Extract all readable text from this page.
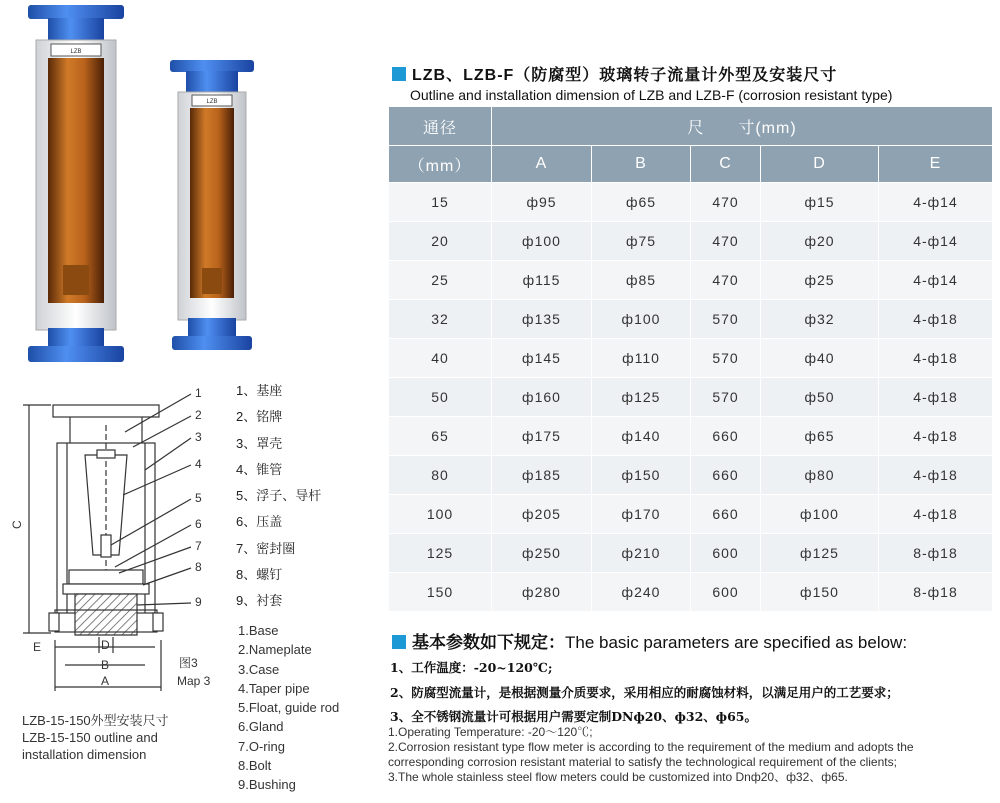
LZB
LZB
1
2
3
4
5
6
7
8
9
C
E	D
B
A
图3
Map 3
LZB-15-150外型安装尺寸
LZB-15-150 outline and
installation dimension
1、基座
2、铭牌
3、罩壳
4、锥管
5、浮子、导杆
6、压盖
7、密封圈
8、螺钉
9、衬套
1.Base
2.Nameplate
3.Case
4.Taper pipe
5.Float, guide rod
6.Gland
7.O-ring
8.Bolt
9.Bushing
LZB、LZB-F（防腐型）玻璃转子流量计外型及安装尺寸
Outline and installation dimension of LZB and LZB-F (corrosion resistant type)
通径	尺　　寸(mm)				
（mm）	A	B	C	D	E
15	ф95	ф65	470	ф15	4-ф14
20	ф100	ф75	470	ф20	4-ф14
25	ф115	ф85	470	ф25	4-ф14
32	ф135	ф100	570	ф32	4-ф18
40	ф145	ф110	570	ф40	4-ф18
50	ф160	ф125	570	ф50	4-ф18
65	ф175	ф140	660	ф65	4-ф18
80	ф185	ф150	660	ф80	4-ф18
100	ф205	ф170	660	ф100	4-ф18
125	ф250	ф210	600	ф125	8-ф18
150	ф280	ф240	600	ф150	8-ф18
基本参数如下规定：The basic parameters are specified as below:
1、工作温度：-20~120℃;
2、防腐型流量计，是根据测量介质要求，采用相应的耐腐蚀材料，以满足用户的工艺要求；
3、全不锈钢流量计可根据用户需要定制DNф20、ф32、ф65。
1.Operating Temperature: -20～120℃;
2.Corrosion resistant type flow meter is according to the requirement of the medium and adopts the
corresponding corrosion resistant material to satisfy the technological requirement of the clients;
3.The whole stainless steel flow meters could be customized into Dnф20、ф32、ф65.
